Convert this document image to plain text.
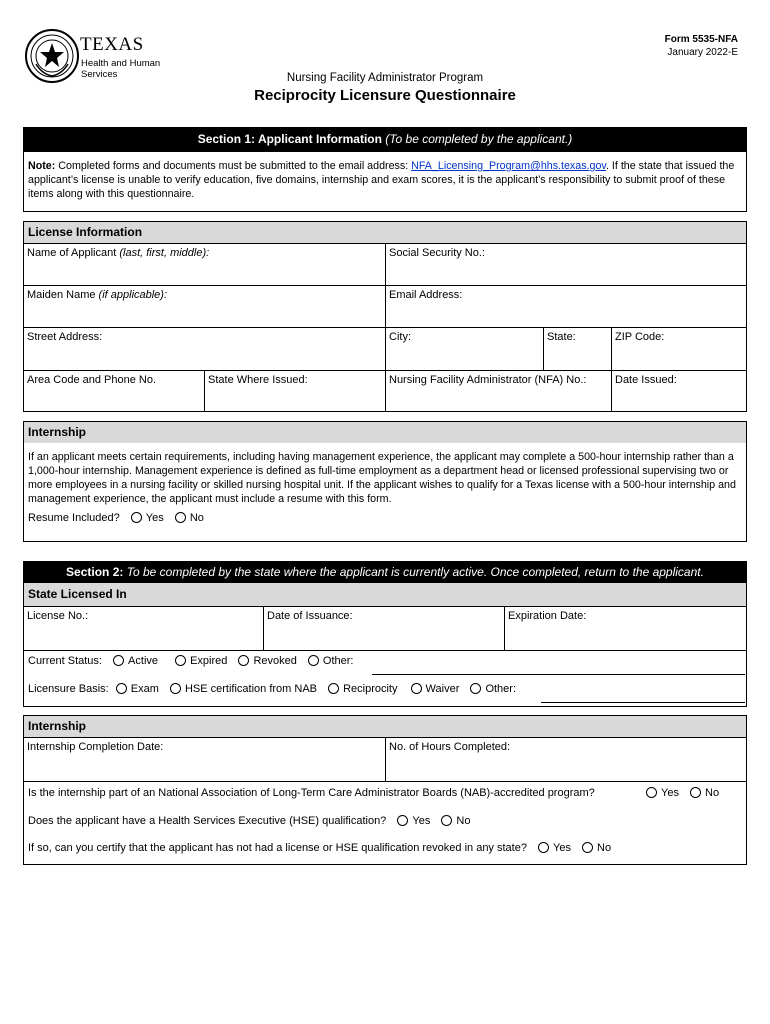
TEXAS
Health and Human Services
Form 5535-NFA
January 2022-E
Nursing Facility Administrator Program
Reciprocity Licensure Questionnaire
Section 1: Applicant Information (To be completed by the applicant.)
Note: Completed forms and documents must be submitted to the email address: NFA_Licensing_Program@hhs.texas.gov. If the state that issued the applicant’s license is unable to verify education, five domains, internship and exam scores, it is the applicant’s responsibility to submit proof of these items along with this questionnaire.
License Information
Name of Applicant (last, first, middle):	Social Security No.:
Maiden Name (if applicable):	Email Address:
Street Address:	City:	State:	ZIP Code:
Area Code and Phone No.	State Where Issued:	Nursing Facility Administrator (NFA) No.:	Date Issued:
Internship
If an applicant meets certain requirements, including having management experience, the applicant may complete a 500-hour internship rather than a 1,000-hour internship. Management experience is defined as full-time employment as a department head or licensed professional supervising two or more employees in a nursing facility or skilled nursing hospital unit. If the applicant wishes to qualify for a Texas license with a 500-hour internship and management experience, the applicant must include a resume with this form.
Resume Included? Yes No
Section 2: To be completed by the state where the applicant is currently active. Once completed, return to the applicant.
State Licensed In
License No.:	Date of Issuance:	Expiration Date:
Current Status: Active	Expired Revoked Other:
Licensure Basis: Exam HSE certification from NAB Reciprocity	Waiver Other:
Internship
Internship Completion Date:	No. of Hours Completed:
Is the internship part of an National Association of Long-Term Care Administrator Boards (NAB)-accredited program?	Yes No
Does the applicant have a Health Services Executive (HSE) qualification? Yes No
If so, can you certify that the applicant has not had a license or HSE qualification revoked in any state? Yes No
